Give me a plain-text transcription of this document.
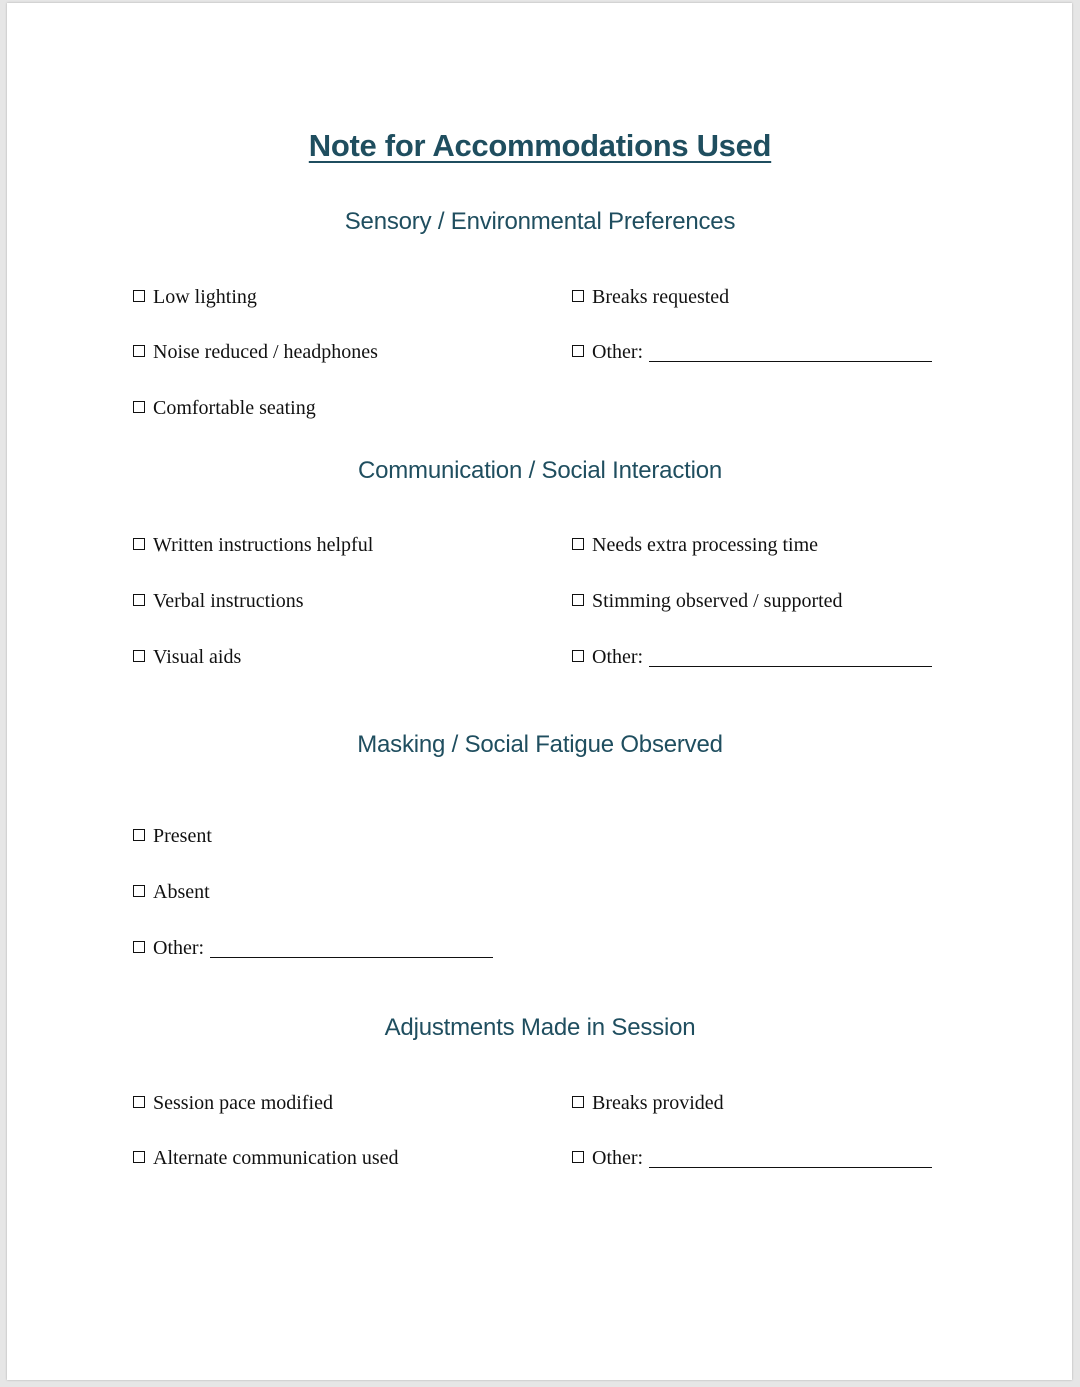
Note for Accommodations Used
Sensory / Environmental Preferences
Low lighting
Noise reduced / headphones
Comfortable seating
Breaks requested
Other:
Communication / Social Interaction
Written instructions helpful
Verbal instructions
Visual aids
Needs extra processing time
Stimming observed / supported
Other:
Masking / Social Fatigue Observed
Present
Absent
Other:
Adjustments Made in Session
Session pace modified
Alternate communication used
Breaks provided
Other:
